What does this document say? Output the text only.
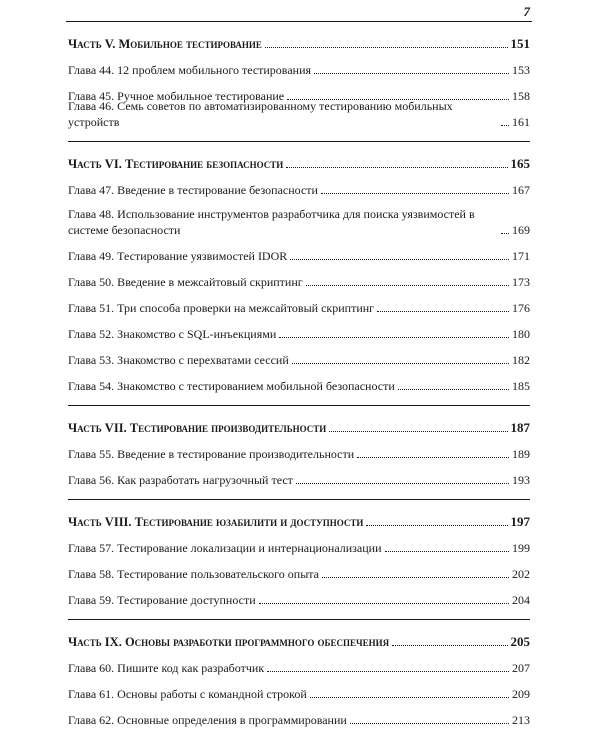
7
Часть V. Мобильное тестирование	151
Глава 44. 12 проблем мобильного тестирования	153
Глава 45. Ручное мобильное тестирование	158
Глава 46. Семь советов по автоматизированному тестированию мобильных устройств	161
Часть VI. Тестирование безопасности	165
Глава 47. Введение в тестирование безопасности	167
Глава 48. Использование инструментов разработчика для поиска уязвимостей в системе безопасности	169
Глава 49. Тестирование уязвимостей IDOR	171
Глава 50. Введение в межсайтовый скриптинг	173
Глава 51. Три способа проверки на межсайтовый скриптинг	176
Глава 52. Знакомство с SQL-инъекциями	180
Глава 53. Знакомство с перехватами сессий	182
Глава 54. Знакомство с тестированием мобильной безопасности	185
Часть VII. Тестирование производительности	187
Глава 55. Введение в тестирование производительности	189
Глава 56. Как разработать нагрузочный тест	193
Часть VIII. Тестирование юзабилити и доступности	197
Глава 57. Тестирование локализации и интернационализации	199
Глава 58. Тестирование пользовательского опыта	202
Глава 59. Тестирование доступности	204
Часть IX. Основы разработки программного обеспечения	205
Глава 60. Пишите код как разработчик	207
Глава 61. Основы работы с командной строкой	209
Глава 62. Основные определения в программировании	213
